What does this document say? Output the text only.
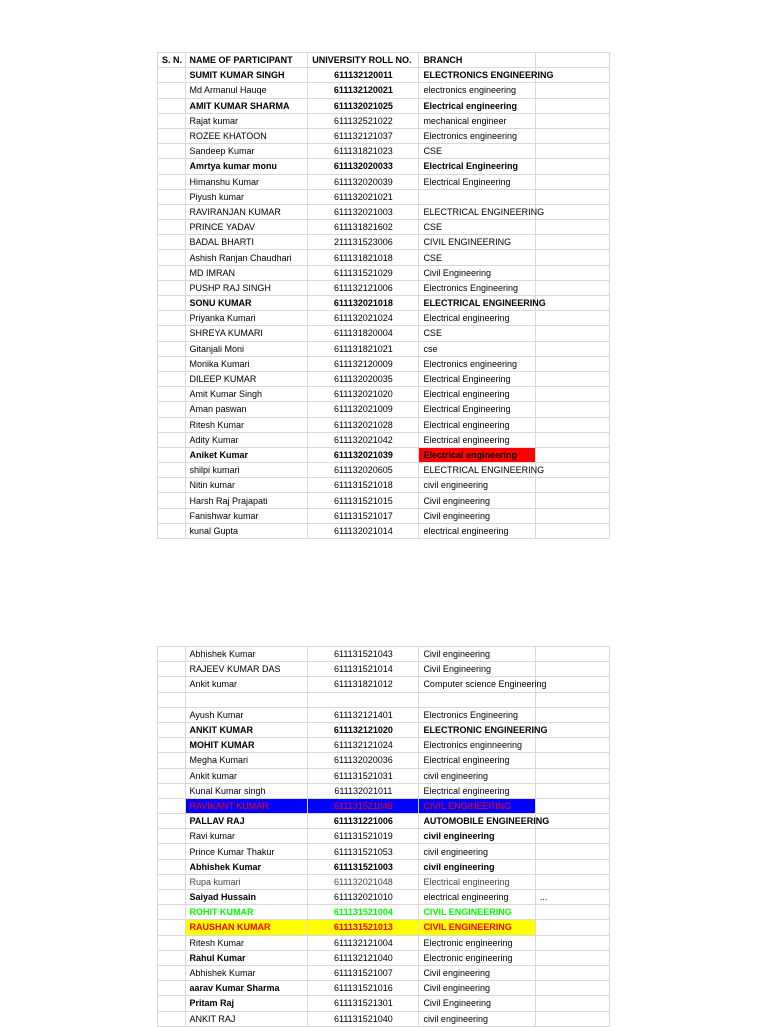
S. N.	NAME OF PARTICIPANT	UNIVERSITY ROLL NO.	BRANCH	
	SUMIT KUMAR SINGH	611132120011	ELECTRONICS ENGINEERING	
	Md Armanul Hauqe	611132120021	electronics engineering	
	AMIT KUMAR SHARMA	611132021025	Electrical engineering	
	Rajat kumar	611132521022	mechanical engineer	
	ROZEE KHATOON	611132121037	Electronics engineering	
	Sandeep Kumar	611131821023	CSE	
	Amrtya kumar monu	611132020033	Electrical Engineering	
	Himanshu Kumar	611132020039	Electrical Engineering	
	Piyush kumar	611132021021		
	RAVIRANJAN KUMAR	611132021003	ELECTRICAL ENGINEERING	
	PRINCE YADAV	611131821602	CSE	
	BADAL BHARTI	211131523006	CIVIL ENGINEERING	
	Ashish Ranjan Chaudhari	611131821018	CSE	
	MD IMRAN	611131521029	Civil Engineering	
	PUSHP RAJ SINGH	611132121006	Electronics Engineering	
	SONU KUMAR	611132021018	ELECTRICAL ENGINEERING	
	Priyanka Kumari	611132021024	Electrical engineering	
	SHREYA KUMARI	611131820004	CSE	
	Gitanjali Moni	611131821021	cse	
	Monika Kumari	611132120009	Electronics engineering	
	DILEEP KUMAR	611132020035	Electrical Engineering	
	Amit Kumar Singh	611132021020	Electrical engineering	
	Aman paswan	611132021009	Electrical Engineering	
	Ritesh Kumar	611132021028	Electrical engineering	
	Adity Kumar	611132021042	Electrical engineering	
	Aniket Kumar	611132021039	Electrical engineering	
	shilpi kumari	611132020605	ELECTRICAL ENGINEERING	
	Nitin kumar	611131521018	civil engineering	
	Harsh Raj Prajapati	611131521015	Civil engineering	
	Fanishwar kumar	611131521017	Civil engineering	
	kunal Gupta	611132021014	electrical engineering	
	Abhishek Kumar	611131521043	Civil engineering	
	RAJEEV KUMAR DAS	611131521014	Civil Engineering	
	Ankit kumar	611131821012	Computer science Engineering	

	Ayush Kumar	611132121401	Electronics Engineering	
	ANKIT KUMAR	611132121020	ELECTRONIC ENGINEERING	
	MOHIT KUMAR	611132121024	Electronics enginneering	
	Megha Kumari	611132020036	Electrical engineering	
	Ankit kumar	611131521031	civil engineering	
	Kunal Kumar singh	611132021011	Electrical engineering	
	RAVIKANT KUMAR	611131521046	CIVIL ENGINEERING	
	PALLAV RAJ	611131221006	AUTOMOBILE ENGINEERING	
	Ravi kumar	611131521019	civil engineering	
	Prince Kumar Thakur	611131521053	civil engineering	
	Abhishek Kumar	611131521003	civil engineering	
	Rupa kumari	611132021048	Electrical engineering	
	Saiyad Hussain	611132021010	electrical engineering	...
	ROHIT KUMAR	611131521004	CIVIL ENGINEERING	
	RAUSHAN KUMAR	611131521013	CIVIL ENGINEERING	
	Ritesh Kumar	611132121004	Electronic engineering	
	Rahul Kumar	611132121040	Electronic engineering	
	Abhishek Kumar	611131521007	Civil engineering	
	aarav Kumar Sharma	611131521016	Civil engineering	
	Pritam Raj	611131521301	Civil Engineering	
	ANKIT RAJ	611131521040	civil engineering	
